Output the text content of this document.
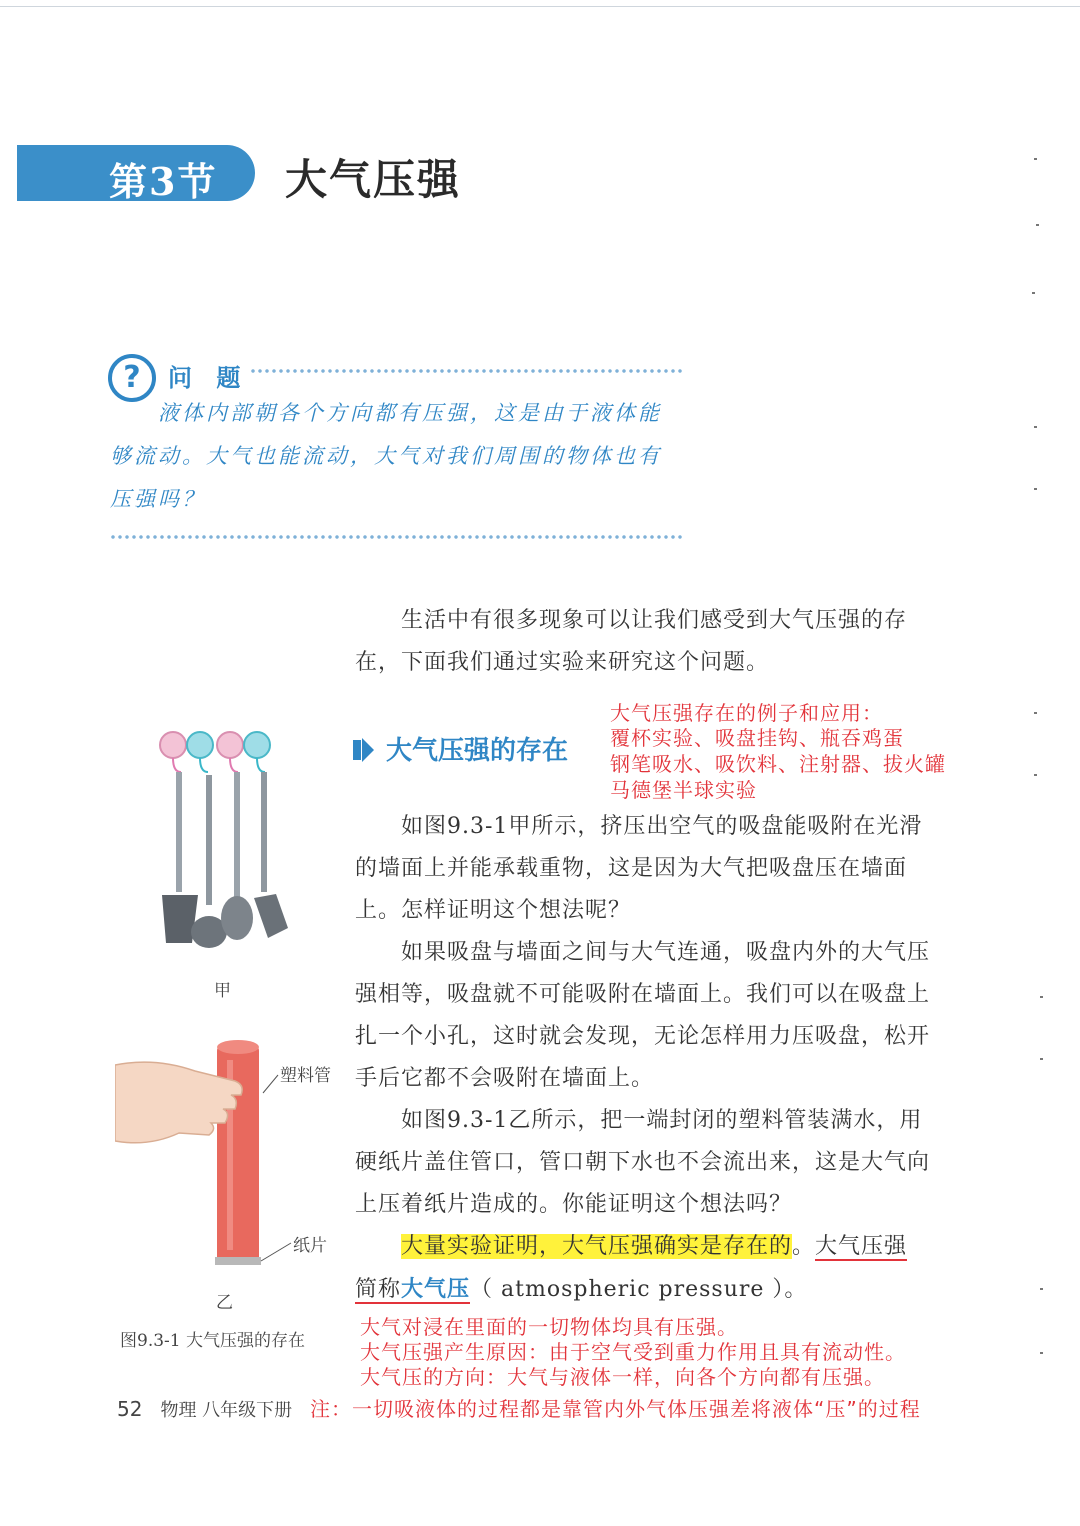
第3节 大气压强
?	问 题
液体内部朝各个方向都有压强，这是由于液体能够流动。大气也能流动，大气对我们周围的物体也有压强吗？

生活中有很多现象可以让我们感受到大气压强的存在，下面我们通过实验来研究这个问题。

大气压强的存在
大气压强存在的例子和应用：
覆杯实验、吸盘挂钩、瓶吞鸡蛋
钢笔吸水、吸饮料、注射器、拔火罐
马德堡半球实验

如图9.3-1甲所示，挤压出空气的吸盘能吸附在光滑的墙面上并能承载重物，这是因为大气把吸盘压在墙面上。怎样证明这个想法呢？

如果吸盘与墙面之间与大气连通，吸盘内外的大气压强相等，吸盘就不可能吸附在墙面上。我们可以在吸盘上扎一个小孔，这时就会发现，无论怎样用力压吸盘，松开手后它都不会吸附在墙面上。

如图9.3-1乙所示，把一端封闭的塑料管装满水，用硬纸片盖住管口，管口朝下水也不会流出来，这是大气向上压着纸片造成的。你能证明这个想法吗？

大量实验证明，大气压强确实是存在的。大气压强
简称大气压（ atmospheric pressure ）。

大气对浸在里面的一切物体均具有压强。
大气压强产生原因：由于空气受到重力作用且具有流动性。
大气压的方向：大气与液体一样，向各个方向都有压强。
注：一切吸液体的过程都是靠管内外气体压强差将液体“压”的过程
甲
塑料管
纸片
乙
图9.3-1 大气压强的存在
52 物理 八年级下册
